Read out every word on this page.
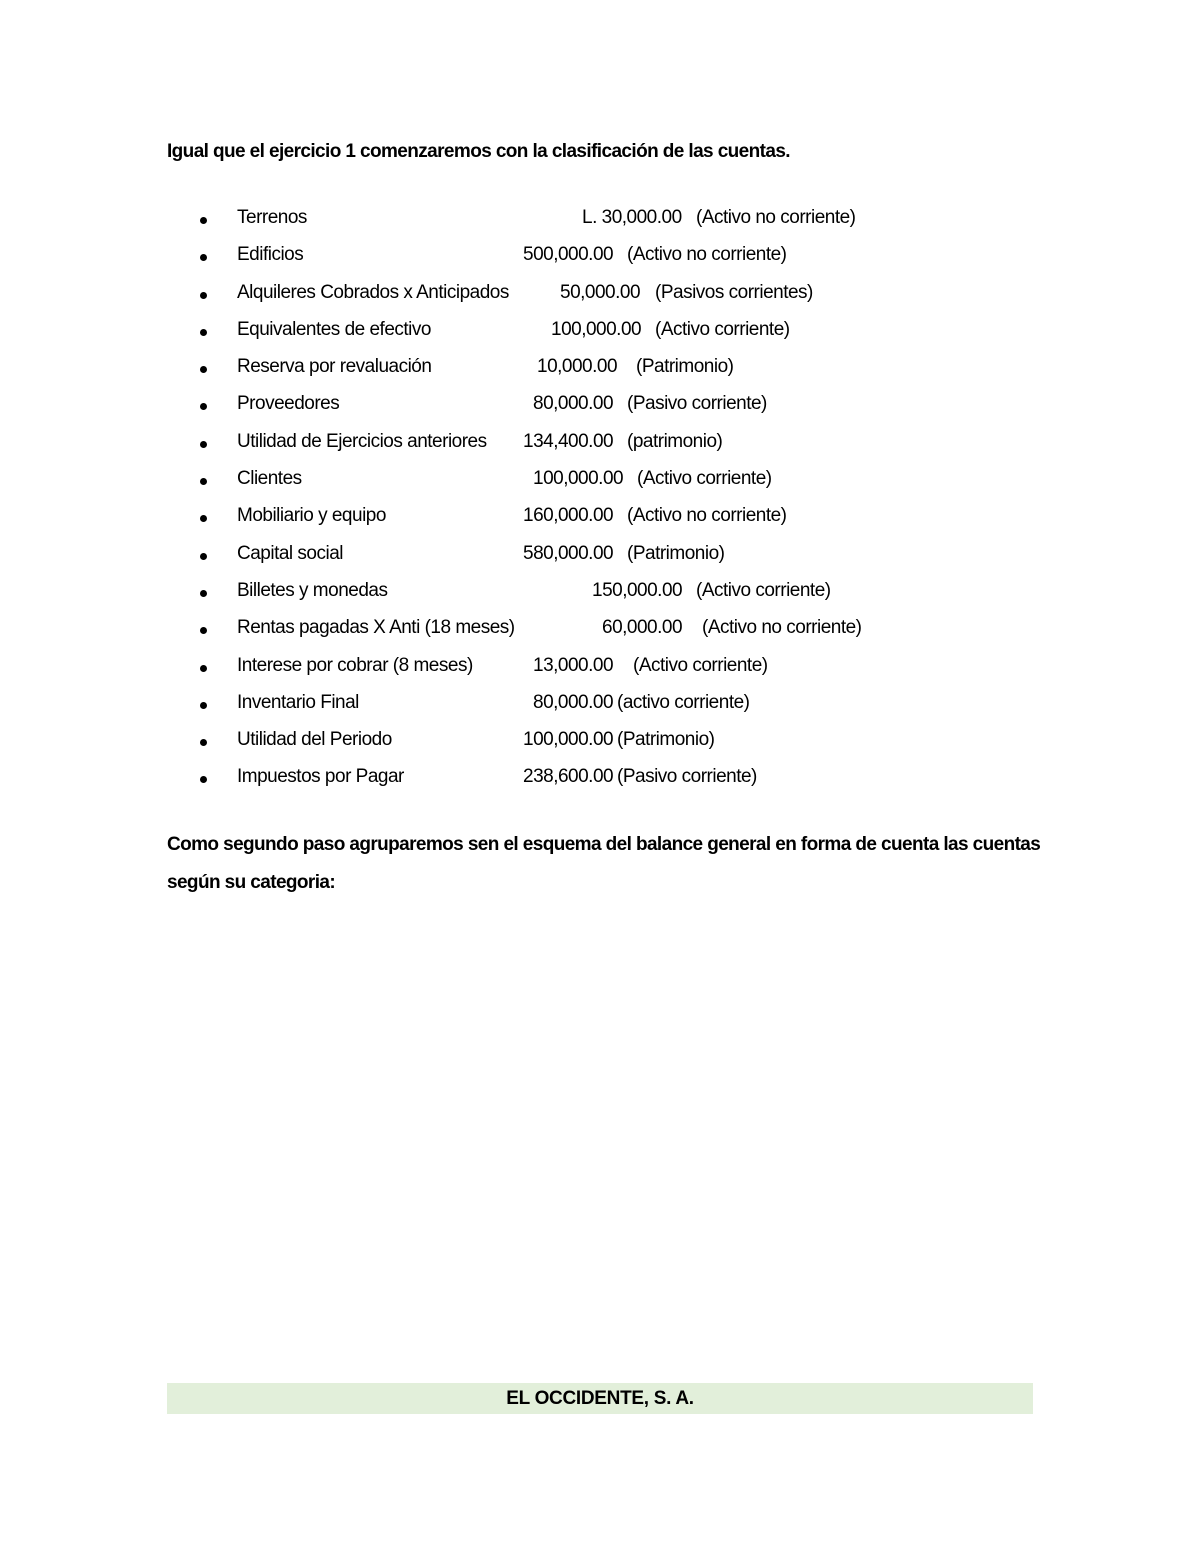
Igual que el ejercicio 1 comenzaremos con la clasificación de las cuentas.

Terrenos	L. 30,000.00 (Activo no corriente)
Edificios	500,000.00 (Activo no corriente)
Alquileres Cobrados x Anticipados	50,000.00 (Pasivos corrientes)
Equivalentes de efectivo	100,000.00 (Activo corriente)
Reserva por revaluación	10,000.00 (Patrimonio)
Proveedores	80,000.00 (Pasivo corriente)
Utilidad de Ejercicios anteriores 134,400.00 (patrimonio)
Clientes	100,000.00 (Activo corriente)
Mobiliario y equipo	160,000.00 (Activo no corriente)
Capital social	580,000.00 (Patrimonio)
Billetes y monedas	150,000.00 (Activo corriente)
Rentas pagadas X Anti (18 meses)	60,000.00 (Activo no corriente)
Interese por cobrar (8 meses)	13,000.00 (Activo corriente)
Inventario Final	80,000.00 (activo corriente)
Utilidad del Periodo	100,000.00 (Patrimonio)
Impuestos por Pagar	238,600.00 (Pasivo corriente)

Como segundo paso agruparemos sen el esquema del balance general en forma de cuenta las cuentas según su categoria:

EL OCCIDENTE, S. A.
